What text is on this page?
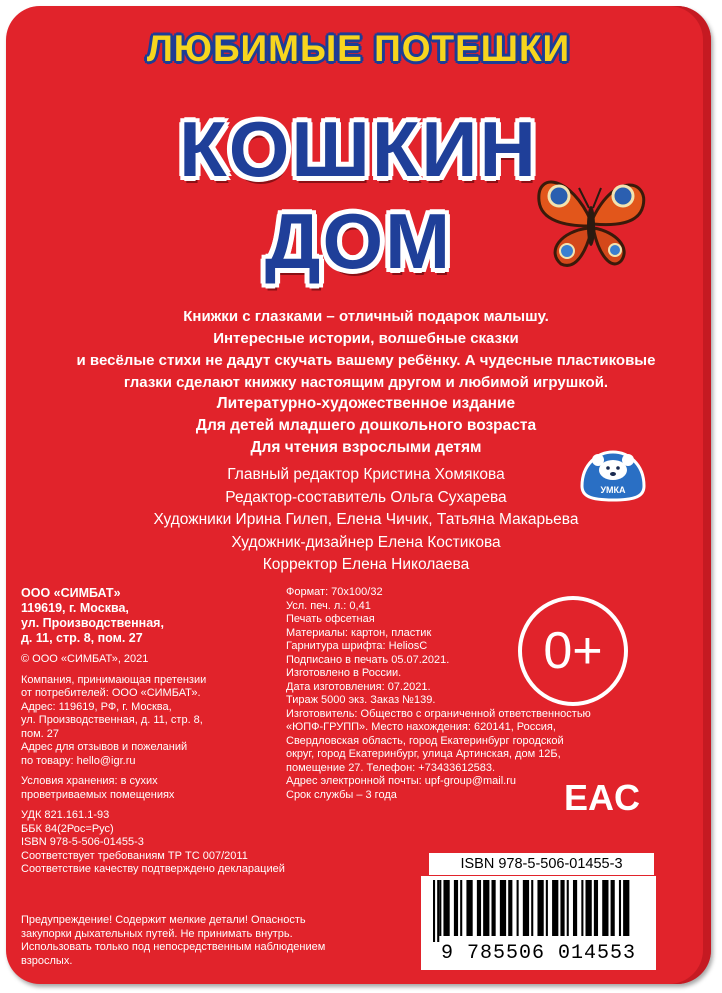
ЛЮБИМЫЕ ПОТЕШКИ
КОШКИН
ДОМ
Книжки с глазками – отличный подарок малышу.
Интересные истории, волшебные сказки
и весёлые стихи не дадут скучать вашему ребёнку. А чудесные пластиковые
глазки сделают книжку настоящим другом и любимой игрушкой.
Литературно-художественное издание
Для детей младшего дошкольного возраста
Для чтения взрослыми детям
УМКА
Главный редактор Кристина Хомякова
Редактор-составитель Ольга Сухарева
Художники Ирина Гилеп, Елена Чичик, Татьяна Макарьева
Художник-дизайнер Елена Костикова
Корректор Елена Николаева
ООО «СИМБАТ»
119619, г. Москва,
ул. Производственная,
д. 11, стр. 8, пом. 27
© ООО «СИМБАТ», 2021
Компания, принимающая претензии
от потребителей: ООО «СИМБАТ».
Адрес: 119619, РФ, г. Москва,
ул. Производственная, д. 11, стр. 8,
пом. 27
Адрес для отзывов и пожеланий
по товару: hello@igr.ru
Условия хранения: в сухих
проветриваемых помещениях
УДК 821.161.1-93
ББК 84(2Рос=Рус)
ISBN 978-5-506-01455-3
Соответствует требованиям ТР ТС 007/2011
Соответствие качеству подтверждено декларацией
Формат: 70х100/32
Усл. печ. л.: 0,41
Печать офсетная
Материалы: картон, пластик
Гарнитура шрифта: HeliosC
Подписано в печать 05.07.2021.
Изготовлено в России.
Дата изготовления: 07.2021.
Тираж 5000 экз. Заказ №139.
Изготовитель: Общество с ограниченной ответственностью
«ЮПФ-ГРУПП». Место нахождения: 620141, Россия,
Свердловская область, город Екатеринбург городской
округ, город Екатеринбург, улица Артинская, дом 12Б,
помещение 27. Телефон: +73433612583.
Адрес электронной почты: upf-group@mail.ru
Срок службы – 3 года
0+
EAC
ISBN 978-5-506-01455-3
9 785506 014553
Предупреждение! Содержит мелкие детали! Опасность
закупорки дыхательных путей. Не принимать внутрь.
Использовать только под непосредственным наблюдением
взрослых.
